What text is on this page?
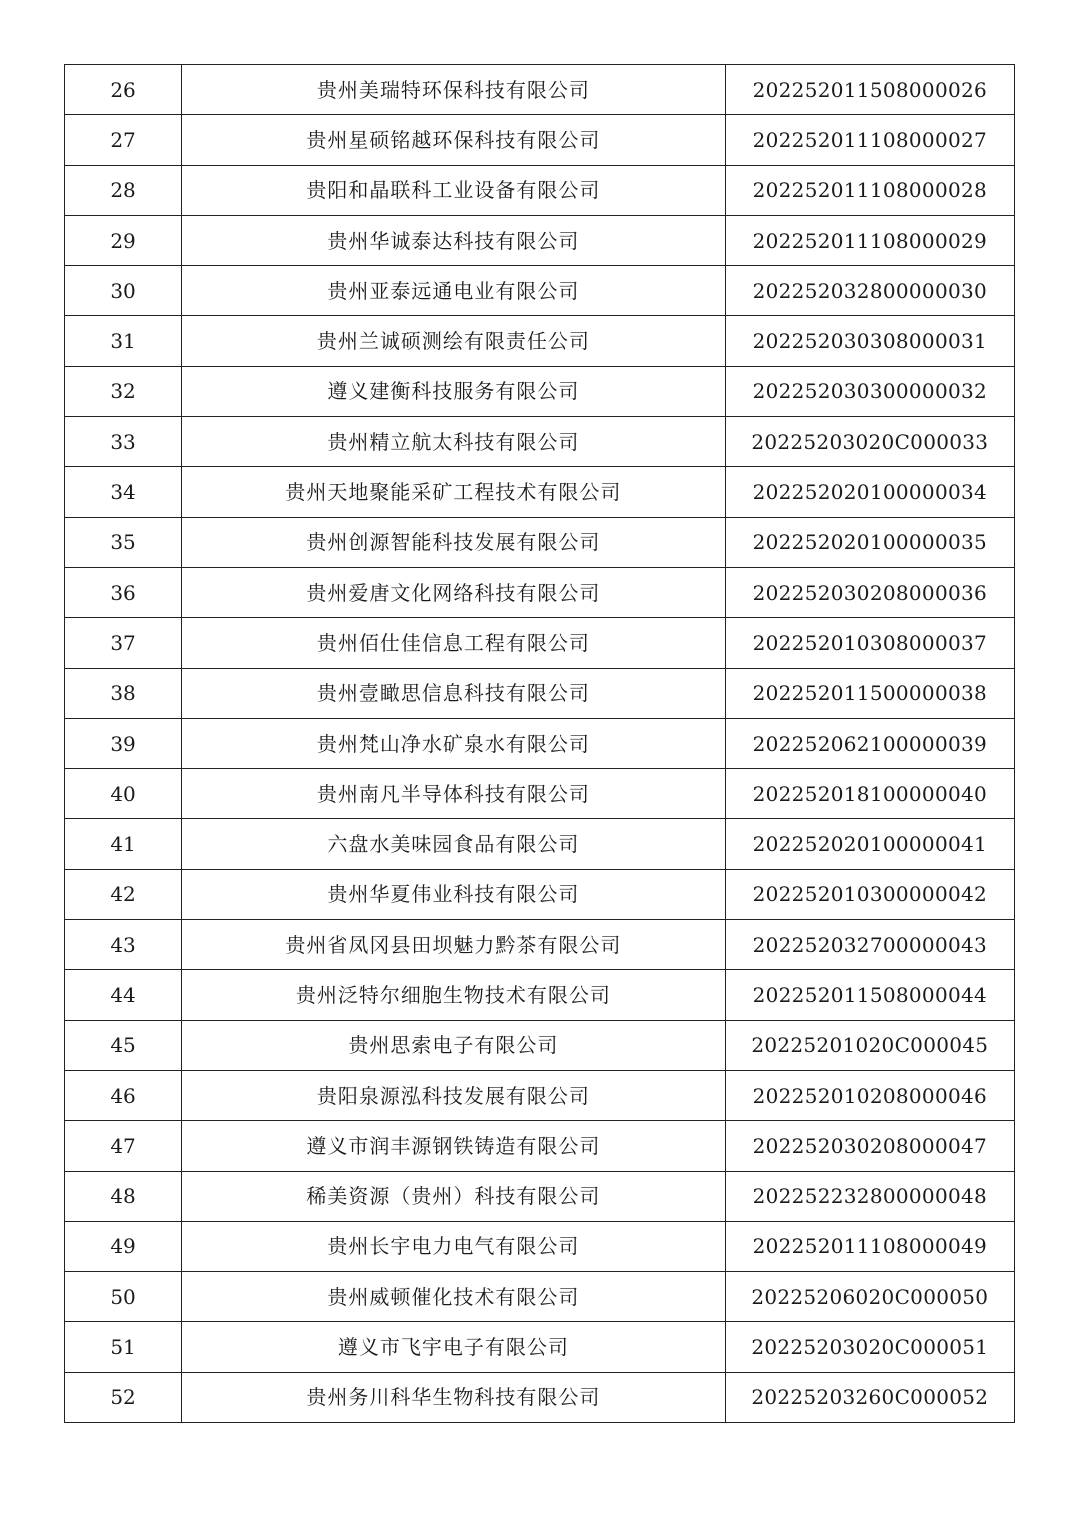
26	贵州美瑞特环保科技有限公司	202252011508000026
27	贵州星硕铭越环保科技有限公司	202252011108000027
28	贵阳和晶联科工业设备有限公司	202252011108000028
29	贵州华诚泰达科技有限公司	202252011108000029
30	贵州亚泰远通电业有限公司	202252032800000030
31	贵州兰诚硕测绘有限责任公司	202252030308000031
32	遵义建衡科技服务有限公司	202252030300000032
33	贵州精立航太科技有限公司	20225203020C000033
34	贵州天地聚能采矿工程技术有限公司	202252020100000034
35	贵州创源智能科技发展有限公司	202252020100000035
36	贵州爱唐文化网络科技有限公司	202252030208000036
37	贵州佰仕佳信息工程有限公司	202252010308000037
38	贵州壹瞰思信息科技有限公司	202252011500000038
39	贵州梵山净水矿泉水有限公司	202252062100000039
40	贵州南凡半导体科技有限公司	202252018100000040
41	六盘水美味园食品有限公司	202252020100000041
42	贵州华夏伟业科技有限公司	202252010300000042
43	贵州省凤冈县田坝魅力黔茶有限公司	202252032700000043
44	贵州泛特尔细胞生物技术有限公司	202252011508000044
45	贵州思索电子有限公司	20225201020C000045
46	贵阳泉源泓科技发展有限公司	202252010208000046
47	遵义市润丰源钢铁铸造有限公司	202252030208000047
48	稀美资源（贵州）科技有限公司	202252232800000048
49	贵州长宇电力电气有限公司	202252011108000049
50	贵州威顿催化技术有限公司	20225206020C000050
51	遵义市飞宇电子有限公司	20225203020C000051
52	贵州务川科华生物科技有限公司	20225203260C000052
